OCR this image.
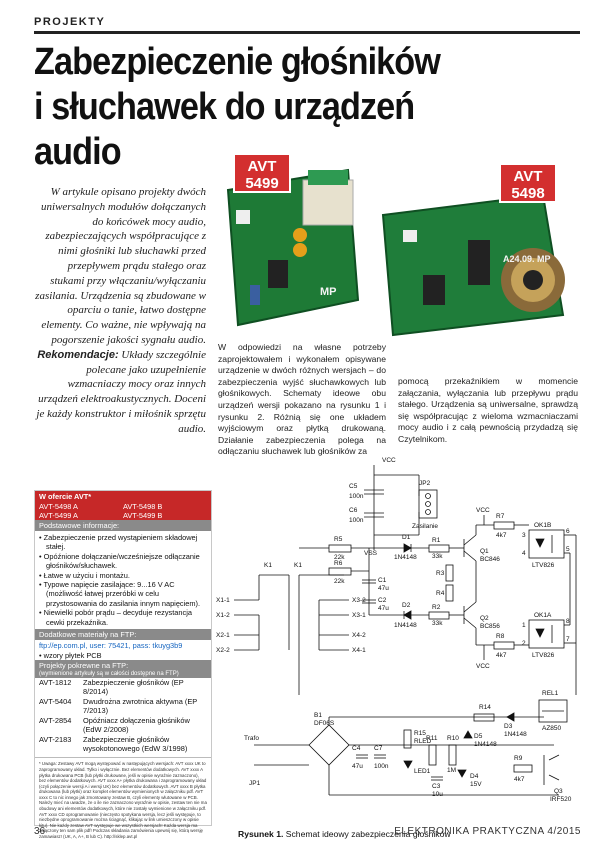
PROJEKTY
Zabezpieczenie głośników
i słuchawek do urządzeń
audio
W artykule opisano projekty dwóch uniwersalnych modułów dołączanych do końcówek mocy audio, zabezpieczających współpracujące z nimi głośniki lub słuchawki przed przepływem prądu stałego oraz stukami przy włączaniu/wyłączaniu zasilania. Urządzenia są zbudowane w oparciu o tanie, łatwo dostępne elementy. Co ważne, nie wpływają na pogorszenie jakości sygnału audio. Rekomendacje: Układy szczególnie polecane jako uzupełnienie wzmacniaczy mocy oraz innych urządzeń elektroakustycznych. Doceni je każdy konstruktor i miłośnik sprzętu audio.
MP
A24.09. MP
AVT
5499	AVT
5498
W odpowiedzi na własne potrzeby zaprojektowałem i wykonałem opisywane urządzenie w dwóch różnych wersjach – do zabezpieczenia wyjść słuchawkowych lub głośnikowych. Schematy ideowe obu urządzeń wersji pokazano na rysunku 1 i rysunku 2. Różnią się one układem wyjściowym oraz płytką drukowaną. Działanie zabezpieczenia polega na odłączaniu słuchawek lub głośników za
pomocą przekaźnikiem w momencie załączania, wyłączania lub przepływu prądu stałego. Urządzenia są uniwersalne, sprawdzą się współpracując z wieloma wzmacniaczami mocy audio i z całą pewnością przydadzą się Czytelnikom.
W ofercie AVT*
AVT-5498 A	AVT-5498 B
AVT-5499 A	AVT-5499 B
Podstawowe informacje:
• Zabezpieczenie przed wystąpieniem składowej stałej.
• Opóźnione dołączanie/wcześniejsze odłączanie głośników/słuchawek.
• Łatwe w użyciu i montażu.
• Typowe napięcie zasilające: 9...16 V AC (możliwość łatwej przeróbki w celu przystosowania do zasilania innym napięciem).
• Niewielki pobór prądu – decyduje rezystancja cewki przekaźnika.
Dodatkowe materiały na FTP:
ftp://ep.com.pl, user: 75421, pass: tkuyg3b9
• wzory płytek PCB
Projekty pokrewne na FTP:
(wymienione artykuły są w całości dostępne na FTP)
AVT-1812	Zabezpieczenie głośników (EP 8/2014)
AVT-5404	Dwudrożna zwrotnica aktywna (EP 7/2013)
AVT-2854	Opóźniacz dołączenia głośników (EdW 2/2008)
AVT-2183	Zabezpieczenie głośników wysokotonowego (EdW 3/1998)
* Uwaga: Zestawy AVT mogą występować w następujących wersjach: AVT xxxx UK to zaprogramowany układ. Tylko i wyłącznie. Bez elementów dodatkowych. AVT xxxx A płytka drukowana PCB (lub płytki drukowane, jeśli w opisie wyraźnie zaznaczono), bez elementów dodatkowych. AVT xxxx A+ płytka drukowana i zaprogramowany układ (czyli połączenie wersji A i wersji UK) bez elementów dodatkowych. AVT xxxx B płytka drukowana (lub płytki) oraz komplet elementów wymienionych w załączniku pdf. AVT xxxx C to nic innego jak zmontowany zestaw B, czyli elementy wlutowane w PCB. Należy mieć na uwadze, że o ile nie zaznaczono wyraźnie w opisie, zestaw ten nie ma obudowy ani elementów dodatkowych, które nie zostały wymienione w załączniku pdf. AVT xxxx CD oprogramowanie (nieczęsto spotykana wersja, lecz jeśli występuje, to niezbędne oprogramowanie można ściągnąć, klikając w link umieszczony w opisie kitu). Nie każdy zestaw AVT występuje we wszystkich wersjach! Każda wersja ma załączony ten sam plik pdf! Podczas składania zamówienia upewnij się, którą wersję zamawiasz! (UK, A, A+, B lub C). http://sklep.avt.pl
VCC
VSS
JP2
Zasilanie
C5
100n
C6
100n
R5
22k
R6
22k	C1
47u
C2
47u
D1
1N4148
D2
1N4148
R1
33k
R2
33k
R3
R4
Q1
BC846
Q2
BC856
R7
4k7
R8
4k7
VCC
VCC
OK1B
LTV826
OK1A
LTV826
3
4
6
5
1
2
8
7
X1-1
X1-2
X2-1
X2-2
X3-2
X3-1
X4-2
X4-1
K1	K1
Trafo
JP1
B1
DF06S
C4
47u
C7
100n
R15
RLED
LED1
R11 R10
1M
C3
10u
D4
15V
D5
1N4148
R14
D3
1N4148
REL1
AZ850
R9
4k7
Q3
IRF520
Rysunek 1. Schemat ideowy zabezpieczenia głośników
36	ELEKTRONIKA PRAKTYCZNA 4/2015
